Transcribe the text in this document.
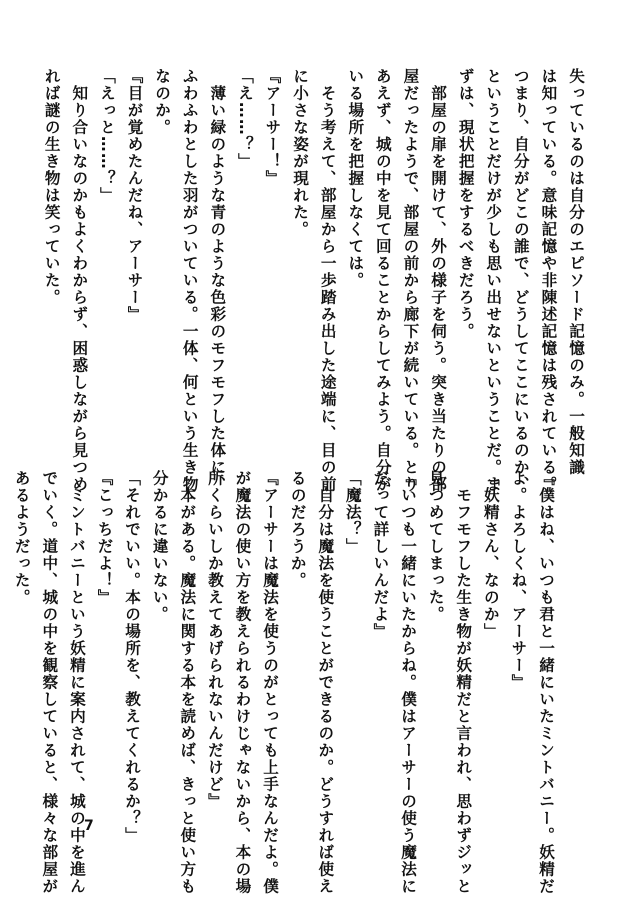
失っているのは自分のエピソード記憶のみ。一般知識
は知っている。意味記憶や非陳述記憶は残されている。
つまり、自分がどこの誰で、どうしてここにいるのか、
ということだけが少しも思い出せないということだ。ま
ずは、現状把握をするべきだろう。
　部屋の扉を開けて、外の様子を伺う。突き当たりの部
屋だったようで、部屋の前から廊下が続いている。とり
あえず、城の中を見て回ることからしてみよう。自分が
いる場所を把握しなくては。
　そう考えて、部屋から一歩踏み出した途端に、目の前
に小さな姿が現れた。
『アーサー！』
「え……？」
　薄い緑のような青のような色彩のモフモフした体に、
ふわふわとした羽がついている。一体、何という生き物
なのか。
『目が覚めたんだね、アーサー』
「えっと……？」
　知り合いなのかもよくわからず、困惑しながら見つめ
れば謎の生き物は笑っていた。
『僕はね、いつも君と一緒にいたミントバニー。妖精だ
よ。よろしくね、アーサー』
「妖精さん、なのか」
　モフモフした生き物が妖精だと言われ、思わずジッと
見つめてしまった。
『いつも一緒にいたからね。僕はアーサーの使う魔法に
だって詳しいんだよ』
「魔法？」
　自分は魔法を使うことができるのか。どうすれば使え
るのだろうか。
『アーサーは魔法を使うのがとっても上手なんだよ。僕
が魔法の使い方を教えられるわけじゃないから、本の場
所くらいしか教えてあげられないんだけど』
　本がある。魔法に関する本を読めば、きっと使い方も
分かるに違いない。
「それでいい。本の場所を、教えてくれるか？」
『こっちだよ！』
　ミントバニーという妖精に案内されて、城の中を進ん
でいく。道中、城の中を観察していると、様々な部屋が
あるようだった。
7
